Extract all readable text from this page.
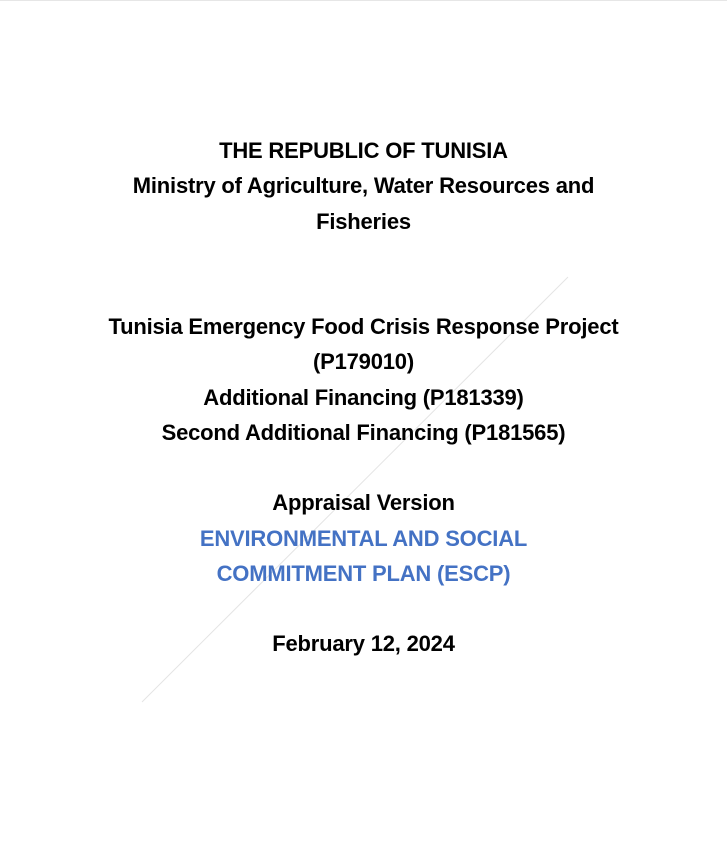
THE REPUBLIC OF TUNISIA
Ministry of Agriculture, Water Resources and
Fisheries
Tunisia Emergency Food Crisis Response Project
(P179010)
Additional Financing (P181339)
Second Additional Financing (P181565)
Appraisal Version
ENVIRONMENTAL AND SOCIAL
COMMITMENT PLAN (ESCP)
February 12, 2024
